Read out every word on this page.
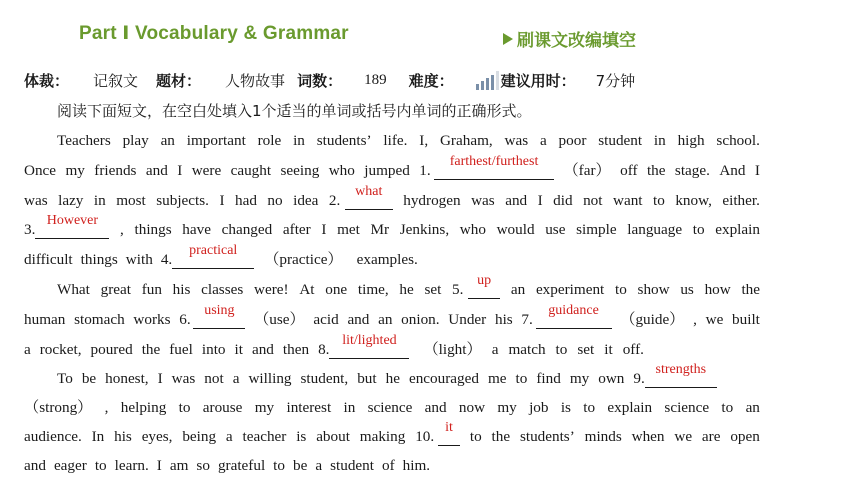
Part Ⅰ Vocabulary & Grammar	刷课文改编填空
体裁： 记叙文 题材： 人物故事 词数： 189 难度：	建议用时： 7分钟
阅读下面短文，在空白处填入1个适当的单词或括号内单词的正确形式。
Teachers play an important role in students’ life. I, Graham, was a poor student in high school.
Once my friends and I were caught seeing who jumped 1.
farthest/furthest
（far） off the stage. And I
was lazy in most subjects. I had no idea 2.
what
hydrogen was and I did not want to know, either.
3.
However
, things have changed after I met Mr Jenkins, who would use simple language to explain
difficult things with 4.
practical
（practice） examples.
What great fun his classes were! At one time, he set 5.
up
an experiment to show us how the
human stomach works 6.
using
（use） acid and an onion. Under his 7.
guidance
（guide） , we built
a rocket, poured the fuel into it and then 8.
lit/lighted
（light） a match to set it off.
To be honest, I was not a willing student, but he encouraged me to find my own 9.
strengths
（strong） , helping to arouse my interest in science and now my job is to explain science to an
audience. In his eyes, being a teacher is about making 10.
it
to the students’ minds when we are open
and eager to learn. I am so grateful to be a student of him.
